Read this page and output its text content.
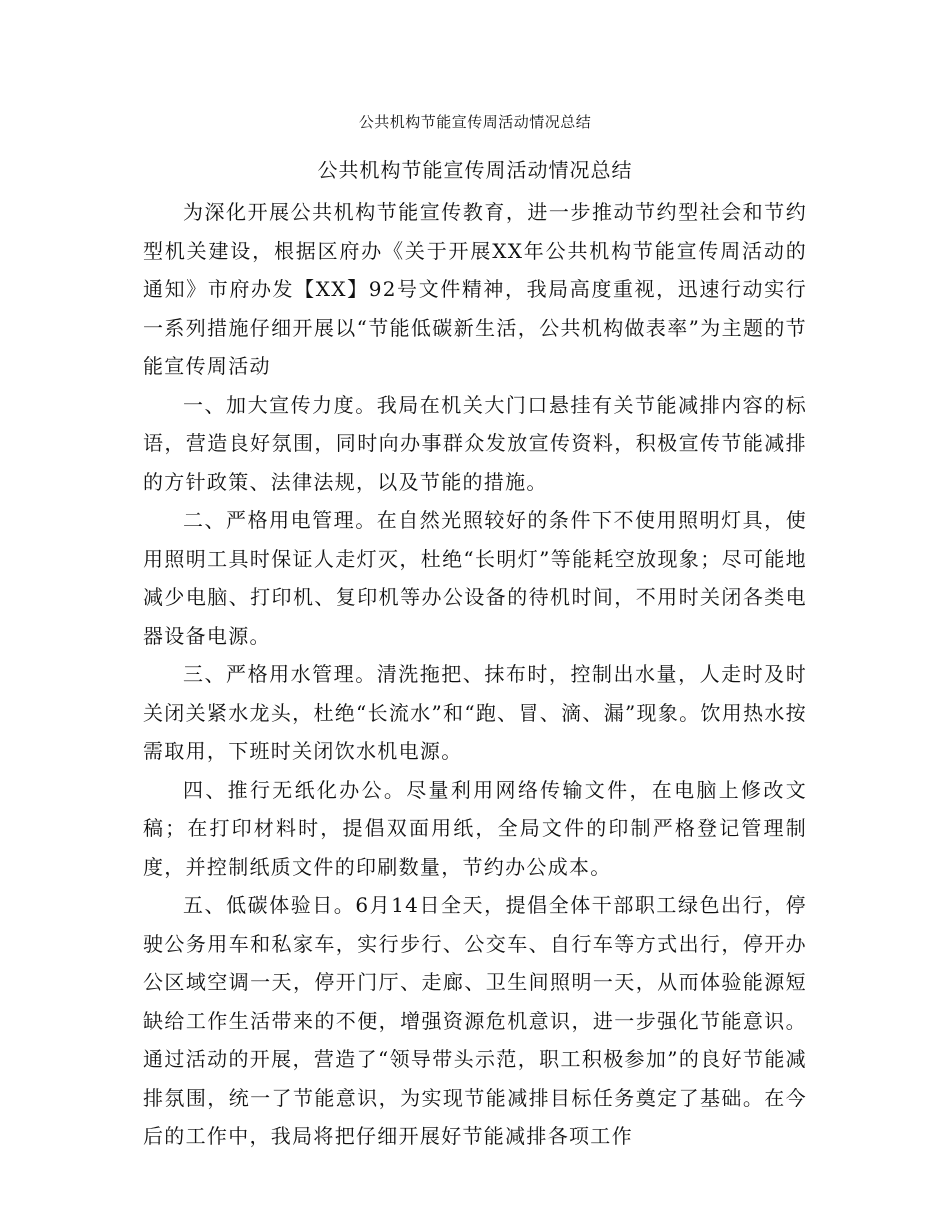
公共机构节能宣传周活动情况总结
公共机构节能宣传周活动情况总结

为深化开展公共机构节能宣传教育，进一步推动节约型社会和节约型机关建设，根据区府办《关于开展XX年公共机构节能宣传周活动的通知》市府办发【XX】92号文件精神，我局高度重视，迅速行动实行一系列措施仔细开展以“节能低碳新生活，公共机构做表率”为主题的节能宣传周活动

一、加大宣传力度。我局在机关大门口悬挂有关节能减排内容的标语，营造良好氛围，同时向办事群众发放宣传资料，积极宣传节能减排的方针政策、法律法规，以及节能的措施。

二、严格用电管理。在自然光照较好的条件下不使用照明灯具，使用照明工具时保证人走灯灭，杜绝“长明灯”等能耗空放现象；尽可能地减少电脑、打印机、复印机等办公设备的待机时间，不用时关闭各类电器设备电源。

三、严格用水管理。清洗拖把、抹布时，控制出水量，人走时及时关闭关紧水龙头，杜绝“长流水”和“跑、冒、滴、漏”现象。饮用热水按需取用，下班时关闭饮水机电源。

四、推行无纸化办公。尽量利用网络传输文件，在电脑上修改文稿；在打印材料时，提倡双面用纸，全局文件的印制严格登记管理制度，并控制纸质文件的印刷数量，节约办公成本。

五、低碳体验日。6月14日全天，提倡全体干部职工绿色出行，停驶公务用车和私家车，实行步行、公交车、自行车等方式出行，停开办公区域空调一天，停开门厅、走廊、卫生间照明一天，从而体验能源短缺给工作生活带来的不便，增强资源危机意识，进一步强化节能意识。通过活动的开展，营造了“领导带头示范，职工积极参加”的良好节能减排氛围，统一了节能意识，为实现节能减排目标任务奠定了基础。在今后的工作中，我局将把仔细开展好节能减排各项工作
